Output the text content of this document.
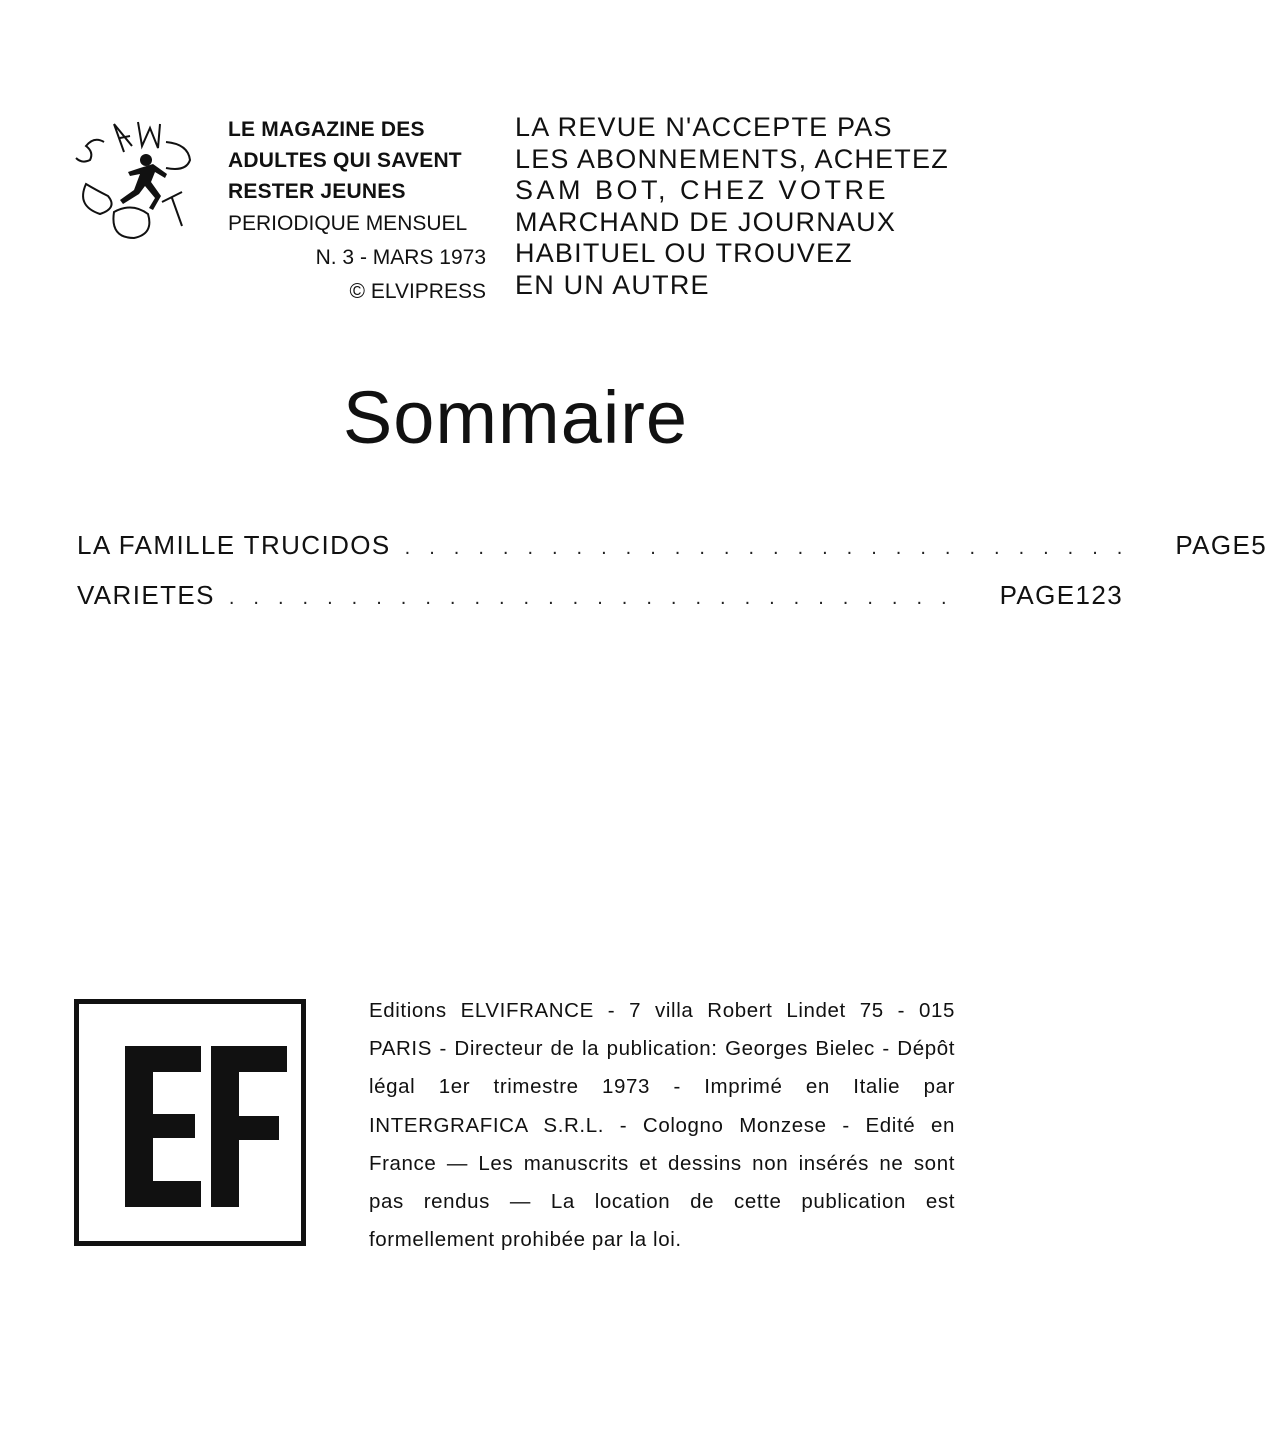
LE MAGAZINE DES
ADULTES QUI SAVENT
RESTER JEUNES
PERIODIQUE MENSUEL
N. 3 - MARS 1973
© ELVIPRESS
LA REVUE N'ACCEPTE PAS
LES ABONNEMENTS, ACHETEZ
SAM BOT, CHEZ VOTRE
MARCHAND DE JOURNAUX
HABITUEL OU TROUVEZ
EN UN AUTRE
Sommaire
LA FAMILLE TRUCIDOS .............................. PAGE 5
VARIETES .............................. PAGE 123
Editions ELVIFRANCE - 7 villa Robert Lindet 75 - 015 PARIS - Directeur de la publication: Georges Bielec - Dépôt légal 1er trimestre 1973 - Imprimé en Italie par INTERGRAFICA S.R.L. - Cologno Monzese - Edité en France — Les manuscrits et dessins non insérés ne sont pas rendus — La location de cette publication est formellement prohibée par la loi.
